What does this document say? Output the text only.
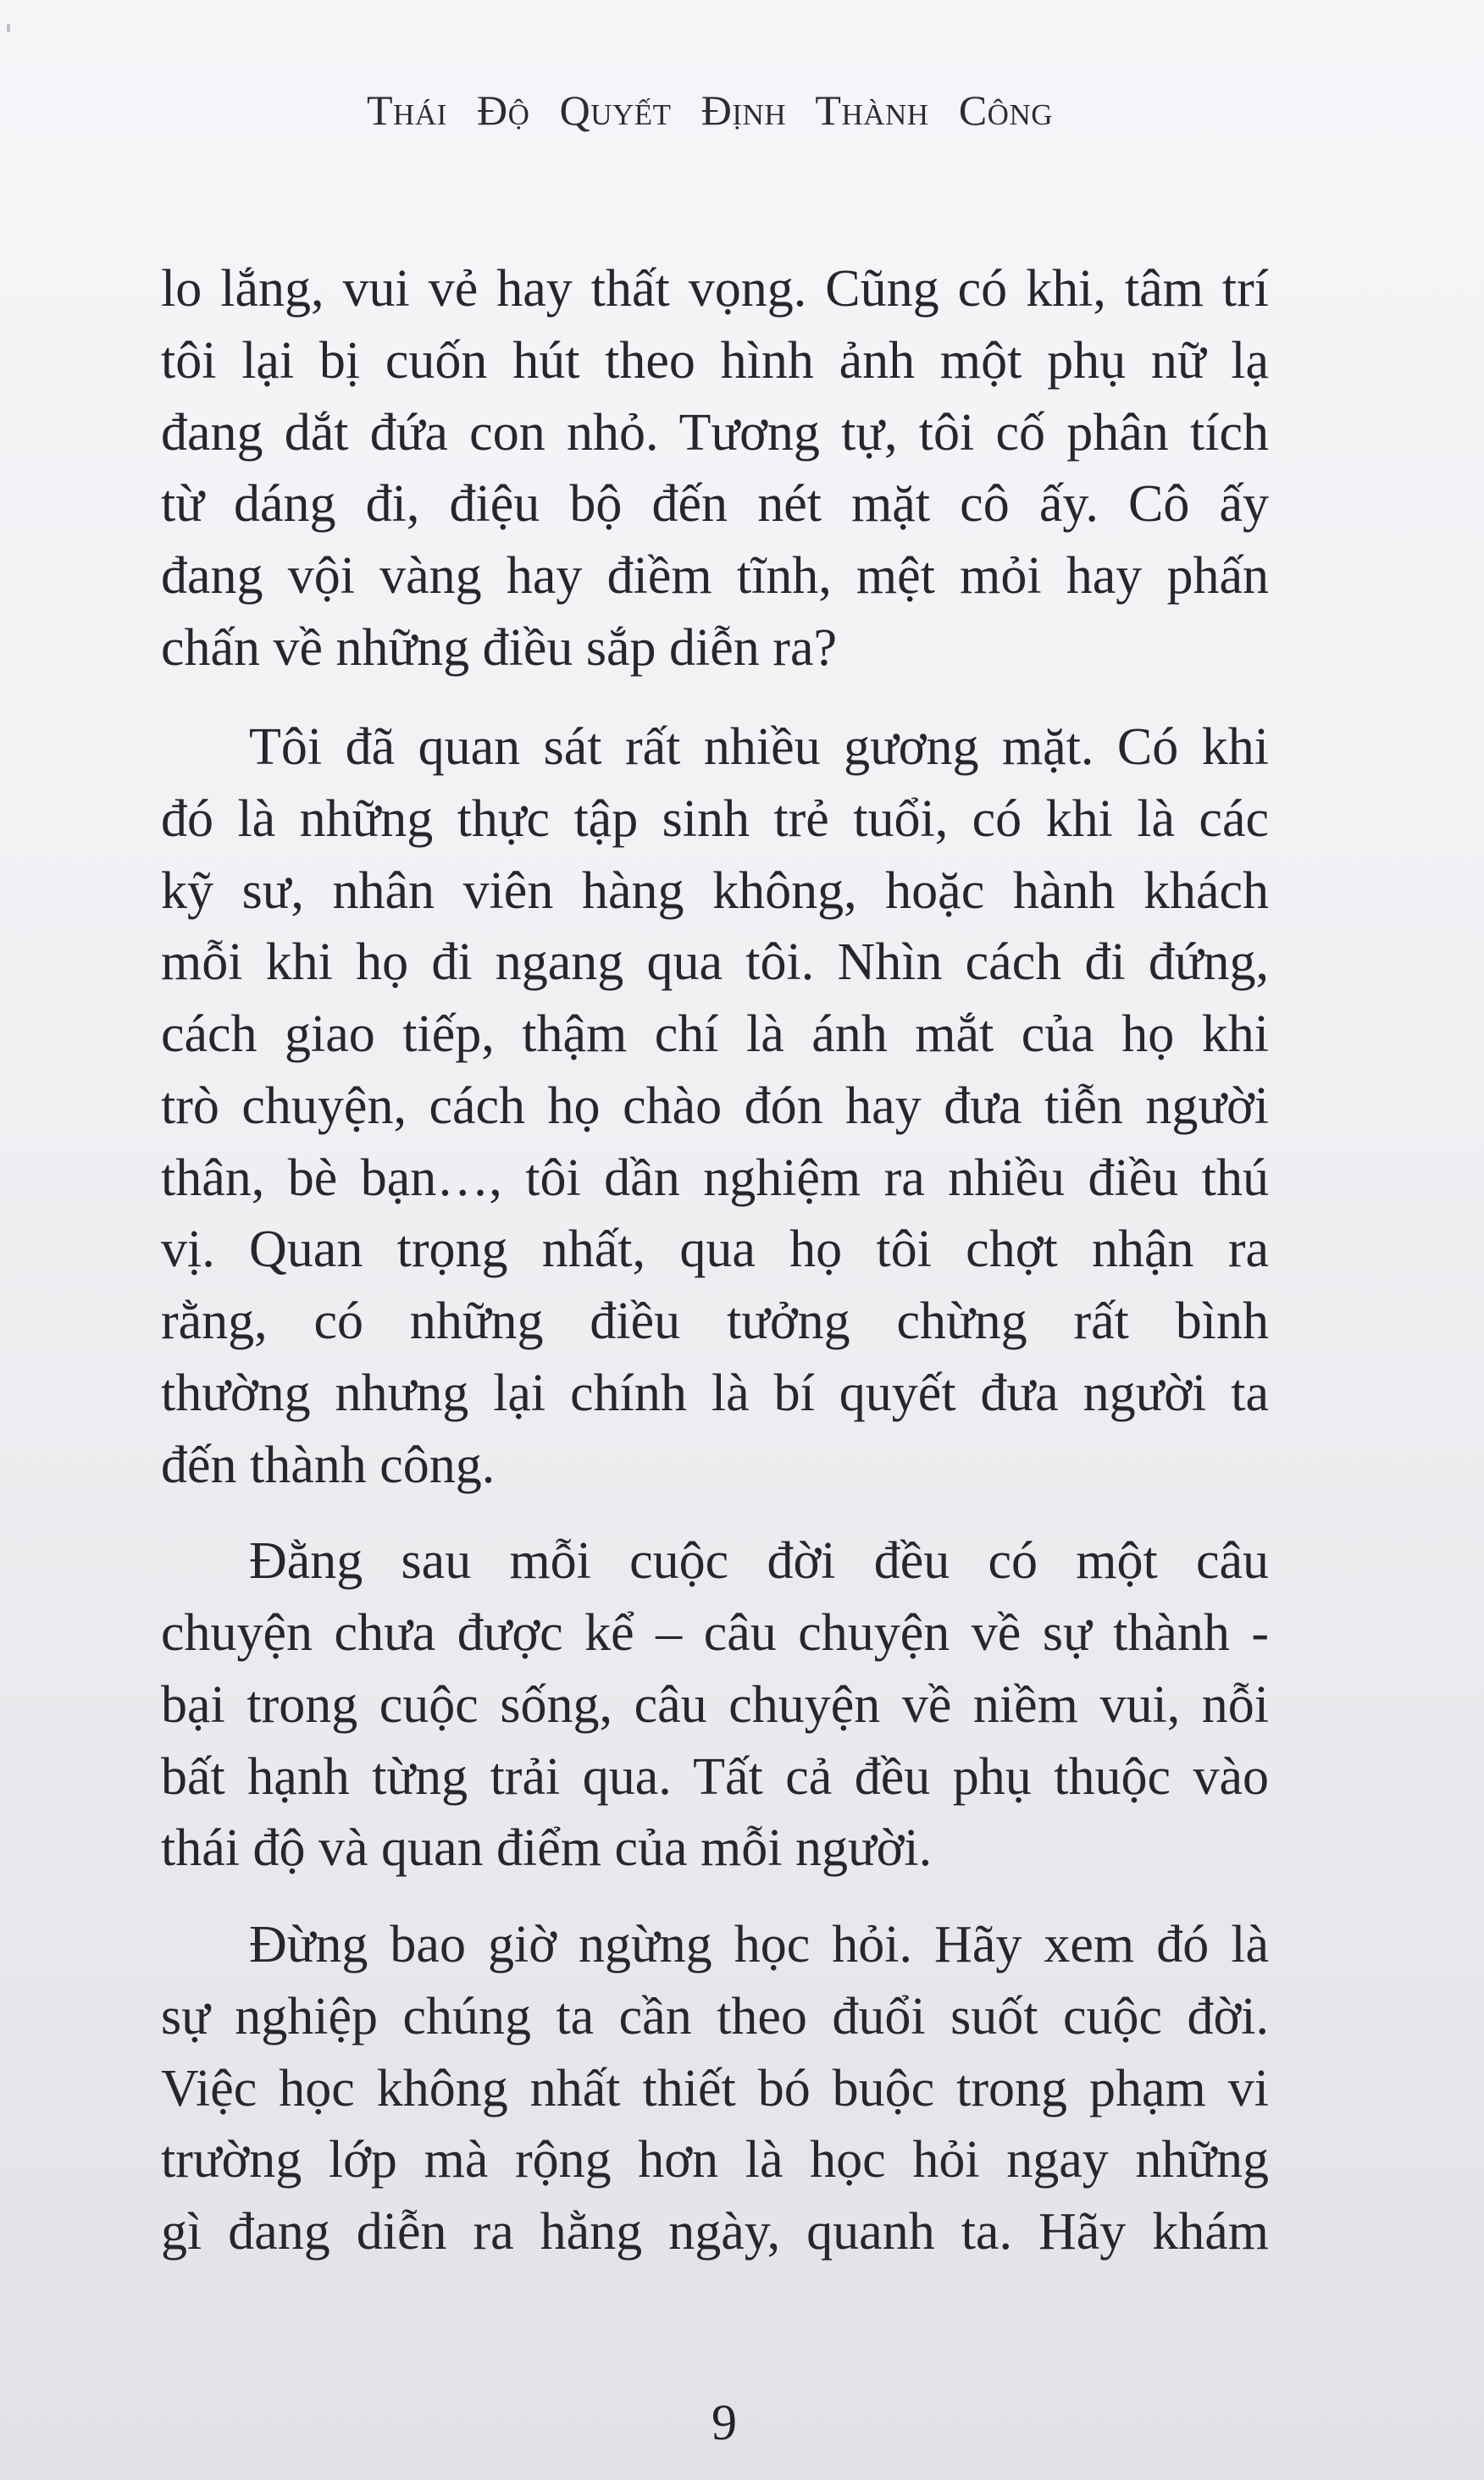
Thái Độ Quyết Định Thành Công
lo lắng, vui vẻ hay thất vọng. Cũng có khi, tâm trí
tôi lại bị cuốn hút theo hình ảnh một phụ nữ lạ
đang dắt đứa con nhỏ. Tương tự, tôi cố phân tích
từ dáng đi, điệu bộ đến nét mặt cô ấy. Cô ấy
đang vội vàng hay điềm tĩnh, mệt mỏi hay phấn
chấn về những điều sắp diễn ra?
Tôi đã quan sát rất nhiều gương mặt. Có khi
đó là những thực tập sinh trẻ tuổi, có khi là các
kỹ sư, nhân viên hàng không, hoặc hành khách
mỗi khi họ đi ngang qua tôi. Nhìn cách đi đứng,
cách giao tiếp, thậm chí là ánh mắt của họ khi
trò chuyện, cách họ chào đón hay đưa tiễn người
thân, bè bạn…, tôi dần nghiệm ra nhiều điều thú
vị. Quan trọng nhất, qua họ tôi chợt nhận ra
rằng, có những điều tưởng chừng rất bình
thường nhưng lại chính là bí quyết đưa người ta
đến thành công.
Đằng sau mỗi cuộc đời đều có một câu
chuyện chưa được kể – câu chuyện về sự thành -
bại trong cuộc sống, câu chuyện về niềm vui, nỗi
bất hạnh từng trải qua. Tất cả đều phụ thuộc vào
thái độ và quan điểm của mỗi người.
Đừng bao giờ ngừng học hỏi. Hãy xem đó là
sự nghiệp chúng ta cần theo đuổi suốt cuộc đời.
Việc học không nhất thiết bó buộc trong phạm vi
trường lớp mà rộng hơn là học hỏi ngay những
gì đang diễn ra hằng ngày, quanh ta. Hãy khám
9
